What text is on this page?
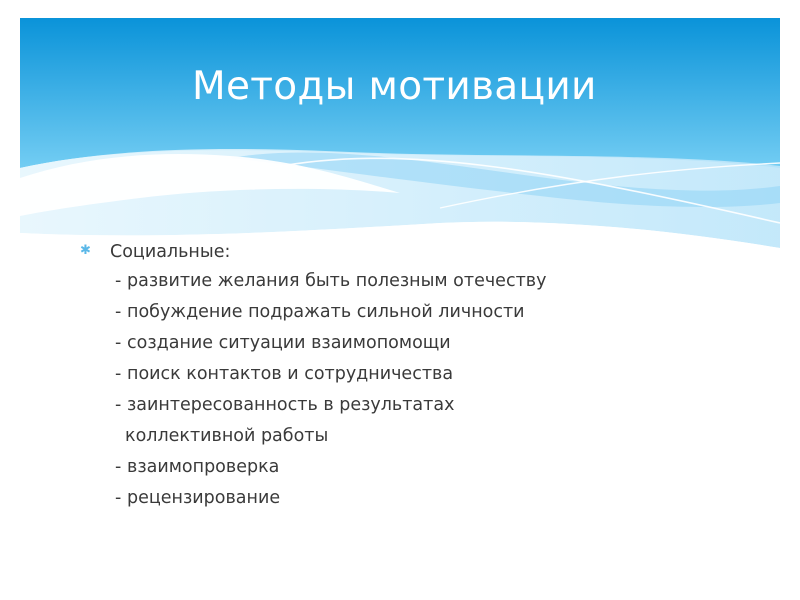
Методы мотивации
✱ Социальные:
- развитие желания быть полезным отечеству
- побуждение подражать сильной личности
- создание ситуации взаимопомощи
- поиск контактов и сотрудничества
- заинтересованность в результатах
коллективной работы
- взаимопроверка
- рецензирование
